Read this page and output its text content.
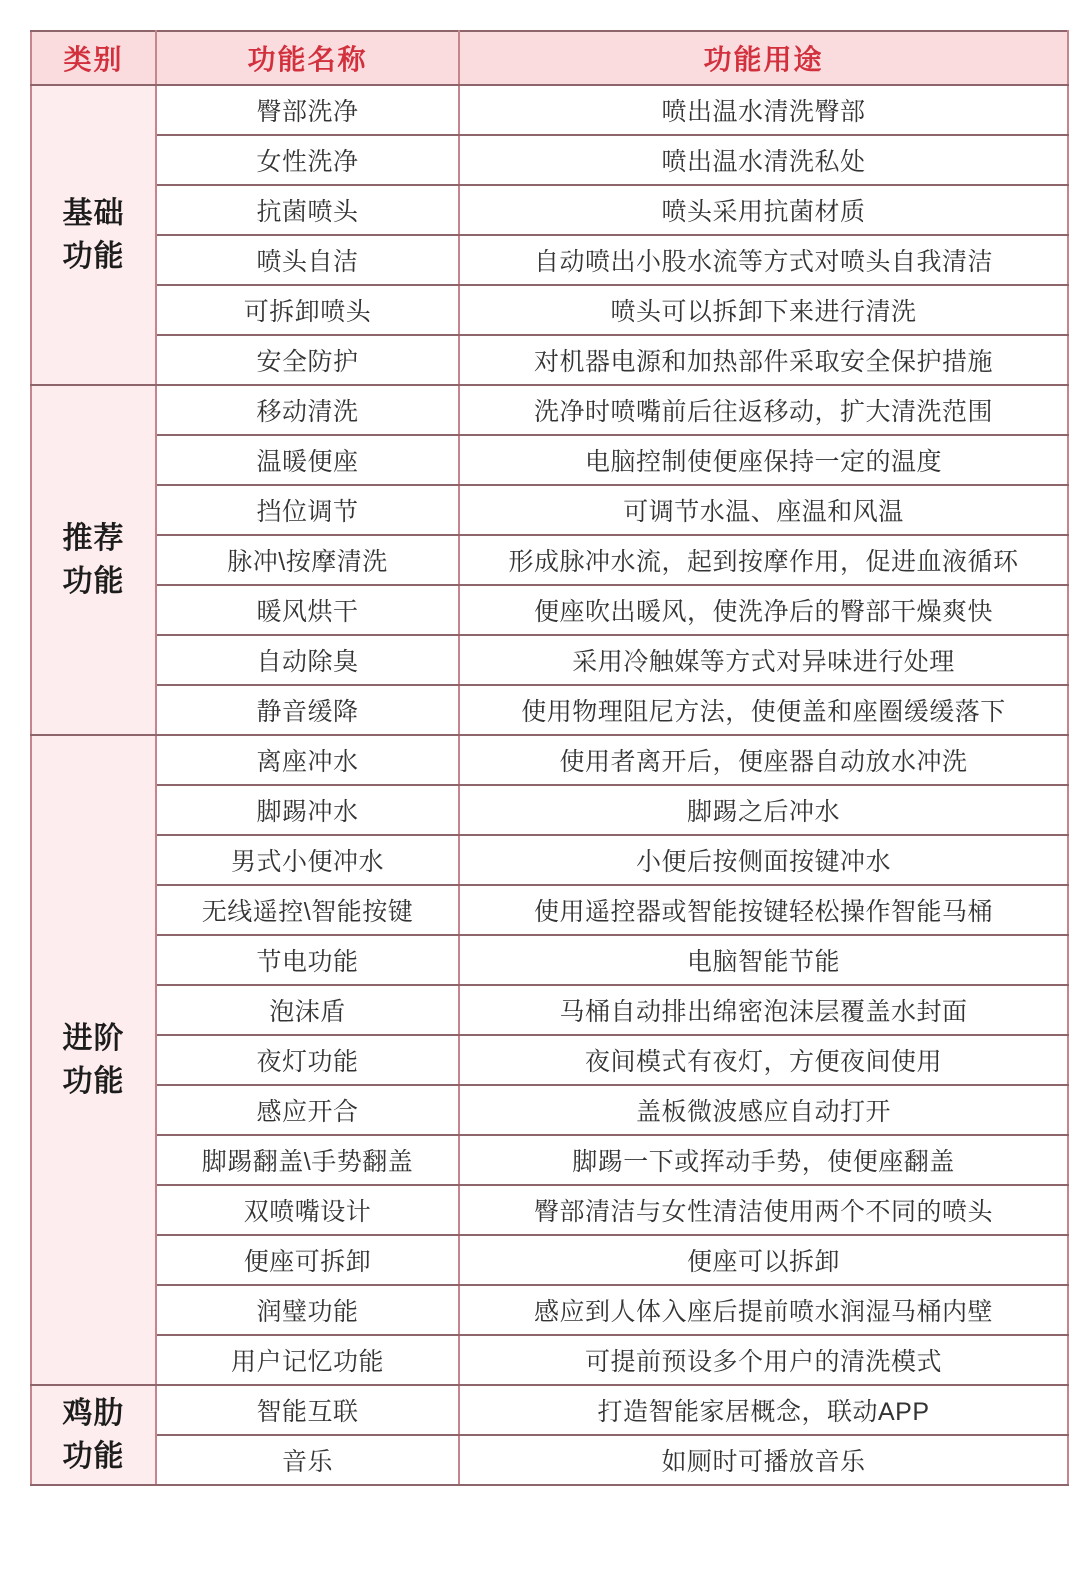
类别	功能名称	功能用途
基础功能	臀部洗净	喷出温水清洗臀部
	女性洗净	喷出温水清洗私处
	抗菌喷头	喷头采用抗菌材质
	喷头自洁	自动喷出小股水流等方式对喷头自我清洁
	可拆卸喷头	喷头可以拆卸下来进行清洗
	安全防护	对机器电源和加热部件采取安全保护措施
推荐功能	移动清洗	洗净时喷嘴前后往返移动，扩大清洗范围
	温暖便座	电脑控制使便座保持一定的温度
	挡位调节	可调节水温、座温和风温
	脉冲\按摩清洗	形成脉冲水流，起到按摩作用，促进血液循环
	暖风烘干	便座吹出暖风，使洗净后的臀部干燥爽快
	自动除臭	采用冷触媒等方式对异味进行处理
	静音缓降	使用物理阻尼方法，使便盖和座圈缓缓落下
进阶功能	离座冲水	使用者离开后，便座器自动放水冲洗
	脚踢冲水	脚踢之后冲水
	男式小便冲水	小便后按侧面按键冲水
	无线遥控\智能按键	使用遥控器或智能按键轻松操作智能马桶
	节电功能	电脑智能节能
	泡沫盾	马桶自动排出绵密泡沫层覆盖水封面
	夜灯功能	夜间模式有夜灯，方便夜间使用
	感应开合	盖板微波感应自动打开
	脚踢翻盖\手势翻盖	脚踢一下或挥动手势，使便座翻盖
	双喷嘴设计	臀部清洁与女性清洁使用两个不同的喷头
	便座可拆卸	便座可以拆卸
	润璧功能	感应到人体入座后提前喷水润湿马桶内壁
	用户记忆功能	可提前预设多个用户的清洗模式
鸡肋功能	智能互联	打造智能家居概念，联动APP
	音乐	如厕时可播放音乐
